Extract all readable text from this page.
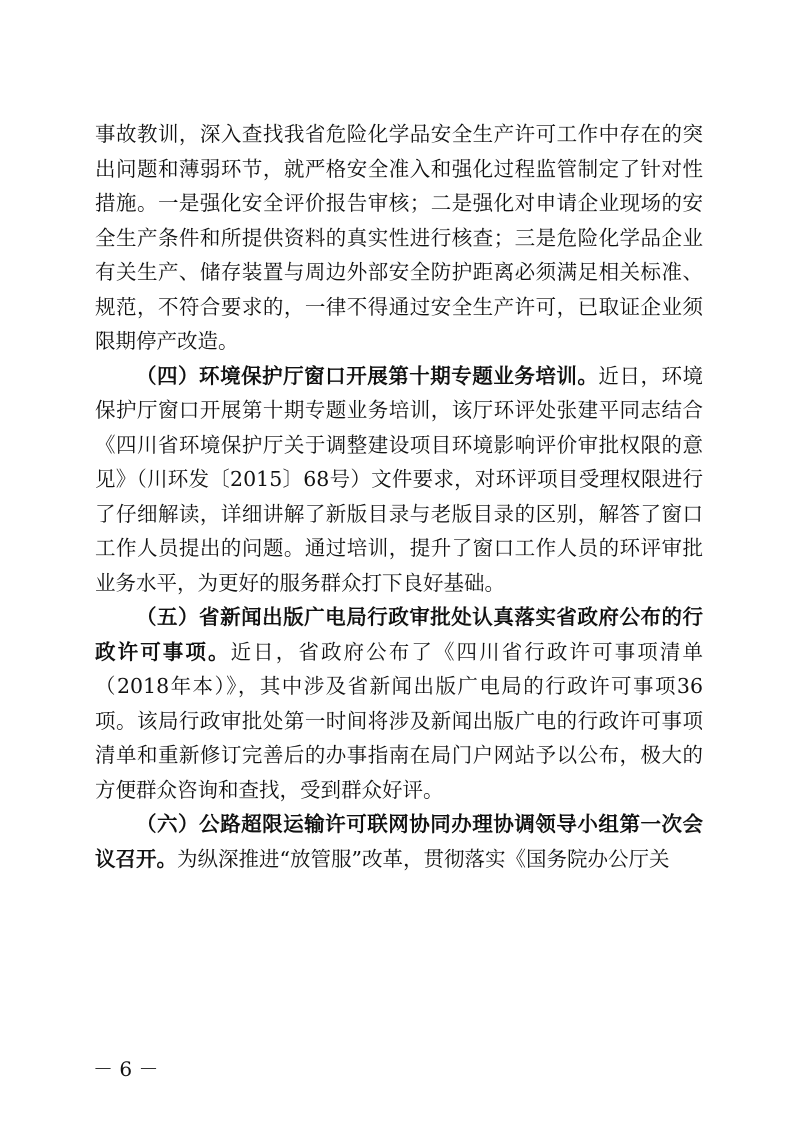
事故教训，深入查找我省危险化学品安全生产许可工作中存在的突出问题和薄弱环节，就严格安全准入和强化过程监管制定了针对性措施。一是强化安全评价报告审核；二是强化对申请企业现场的安全生产条件和所提供资料的真实性进行核查；三是危险化学品企业有关生产、储存装置与周边外部安全防护距离必须满足相关标准、规范，不符合要求的，一律不得通过安全生产许可，已取证企业须限期停产改造。

（四）环境保护厅窗口开展第十期专题业务培训。近日，环境保护厅窗口开展第十期专题业务培训，该厅环评处张建平同志结合《四川省环境保护厅关于调整建设项目环境影响评价审批权限的意见》（川环发〔2015〕68号）文件要求，对环评项目受理权限进行了仔细解读，详细讲解了新版目录与老版目录的区别，解答了窗口工作人员提出的问题。通过培训，提升了窗口工作人员的环评审批业务水平，为更好的服务群众打下良好基础。

（五）省新闻出版广电局行政审批处认真落实省政府公布的行政许可事项。近日，省政府公布了《四川省行政许可事项清单（2018年本）》，其中涉及省新闻出版广电局的行政许可事项36项。该局行政审批处第一时间将涉及新闻出版广电的行政许可事项清单和重新修订完善后的办事指南在局门户网站予以公布，极大的方便群众咨询和查找，受到群众好评。

（六）公路超限运输许可联网协同办理协调领导小组第一次会议召开。为纵深推进“放管服”改革，贯彻落实《国务院办公厅关

－ 6 －
